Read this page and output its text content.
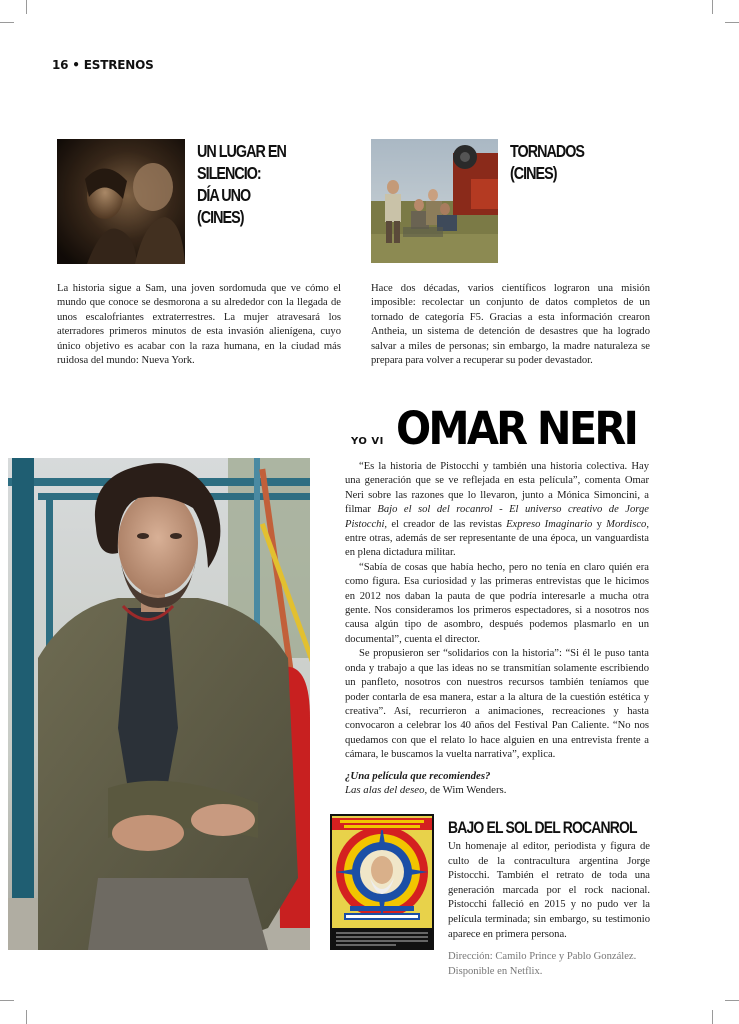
16 • ESTRENOS
UN LUGAR EN SILENCIO:
DÍA UNO
(CINES)
TORNADOS
(CINES)

La historia sigue a Sam, una joven sordomuda que ve cómo el mundo que conoce se desmorona a su alrededor con la llegada de unos escalofriantes extraterrestres. La mujer atravesará los aterradores primeros minutos de esta invasión alienígena, cuyo único objetivo es acabar con la raza humana, en la ciudad más ruidosa del mundo: Nueva York.

Hace dos décadas, varios científicos lograron una misión imposible: recolectar un conjunto de datos completos de un tornado de categoría F5. Gracias a esta información crearon Antheia, un sistema de detención de desastres que ha logrado salvar a miles de personas; sin embargo, la madre naturaleza se prepara para volver a recuperar su poder devastador.

YO VI OMAR NERI

“Es la historia de Pistocchi y también una historia colectiva. Hay una generación que se ve reflejada en esta película”, comenta Omar Neri sobre las razones que lo llevaron, junto a Mónica Simoncini, a filmar Bajo el sol del rocanrol - El universo creativo de Jorge Pistocchi, el creador de las revistas Expreso Imaginario y Mordisco, entre otras, además de ser representante de una época, un vanguardista en plena dictadura militar.

“Sabía de cosas que había hecho, pero no tenía en claro quién era como figura. Esa curiosidad y las primeras entrevistas que le hicimos en 2012 nos daban la pauta de que podría interesarle a mucha otra gente. Nos consideramos los primeros espectadores, si a nosotros nos causa algún tipo de asombro, después podemos plasmarlo en un documental”, cuenta el director.

Se propusieron ser “solidarios con la historia”: “Si él le puso tanta onda y trabajo a que las ideas no se transmitían solamente escribiendo un panfleto, nosotros con nuestros recursos también teníamos que poder contarla de esa manera, estar a la altura de la cuestión estética y creativa”. Así, recurrieron a animaciones, recreaciones y hasta convocaron a celebrar los 40 años del Festival Pan Caliente. “No nos quedamos con que el relato lo hace alguien en una entrevista frente a cámara, le buscamos la vuelta narrativa”, explica.

¿Una película que recomiendes?
Las alas del deseo, de Wim Wenders.
BAJO EL SOL DEL ROCANROL

Un homenaje al editor, periodista y figura de culto de la contracultura argentina Jorge Pistocchi. También el retrato de toda una generación marcada por el rock nacional. Pistocchi falleció en 2015 y no pudo ver la película terminada; sin embargo, su testimonio aparece en primera persona.

Dirección: Camilo Prince y Pablo González.
Disponible en Netflix.
